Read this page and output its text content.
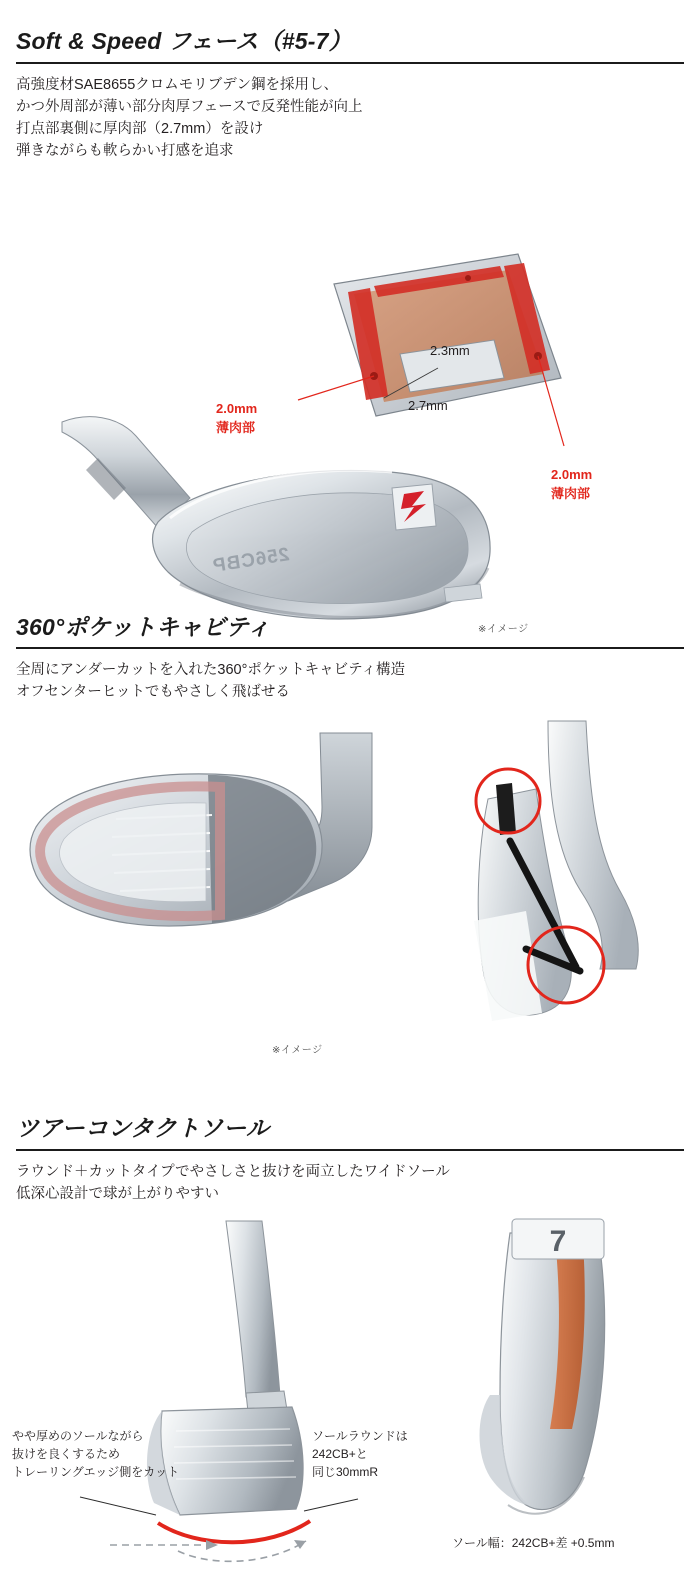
Soft & Speed フェース（#5-7）
高強度材SAE8655クロムモリブデン鋼を採用し、
かつ外周部が薄い部分肉厚フェースで反発性能が向上
打点部裏側に厚肉部（2.7mm）を設け
弾きながらも軟らかい打感を追求
2.3mm
2.7mm
2.0mm
薄肉部
2.0mm
薄肉部
256CBP
※イメージ
360°ポケットキャビティ
全周にアンダーカットを入れた360°ポケットキャビティ構造
オフセンターヒットでもやさしく飛ばせる
※イメージ
ツアーコンタクトソール
ラウンド＋カットタイプでやさしさと抜けを両立したワイドソール
低深心設計で球が上がりやすい
やや厚めのソールながら
抜けを良くするため
トレーリングエッジ側をカット
ソールラウンドは
242CB+と
同じ30mmR
7
ソール幅：242CB+差 +0.5mm
